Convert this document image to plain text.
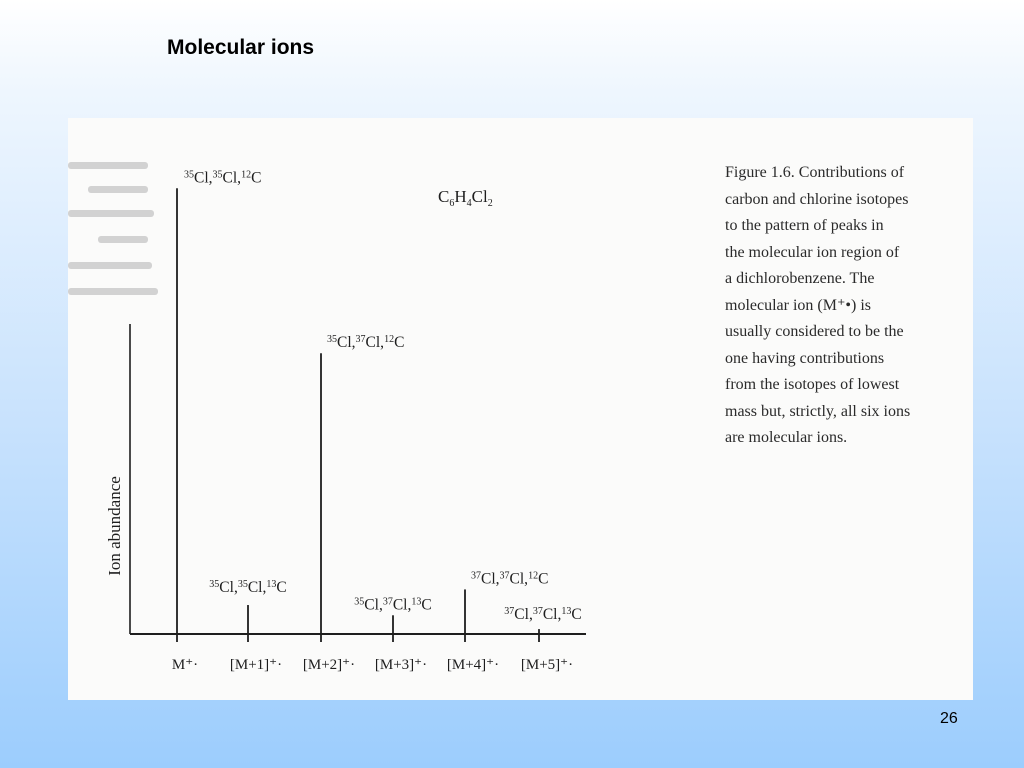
Molecular ions
M⁺·
35Cl,35Cl,12C
[M+1]⁺·
35Cl,35Cl,13C
[M+2]⁺·
35Cl,37Cl,12C
[M+3]⁺·
35Cl,37Cl,13C
[M+4]⁺·
37Cl,37Cl,12C
[M+5]⁺·
37Cl,37Cl,13C
Ion abundance
C6H4Cl2
Figure 1.6. Contributions of
carbon and chlorine isotopes
to the pattern of peaks in
the molecular ion region of
a dichlorobenzene. The
molecular ion (M⁺•) is
usually considered to be the
one having contributions
from the isotopes of lowest
mass but, strictly, all six ions
are molecular ions.
26
